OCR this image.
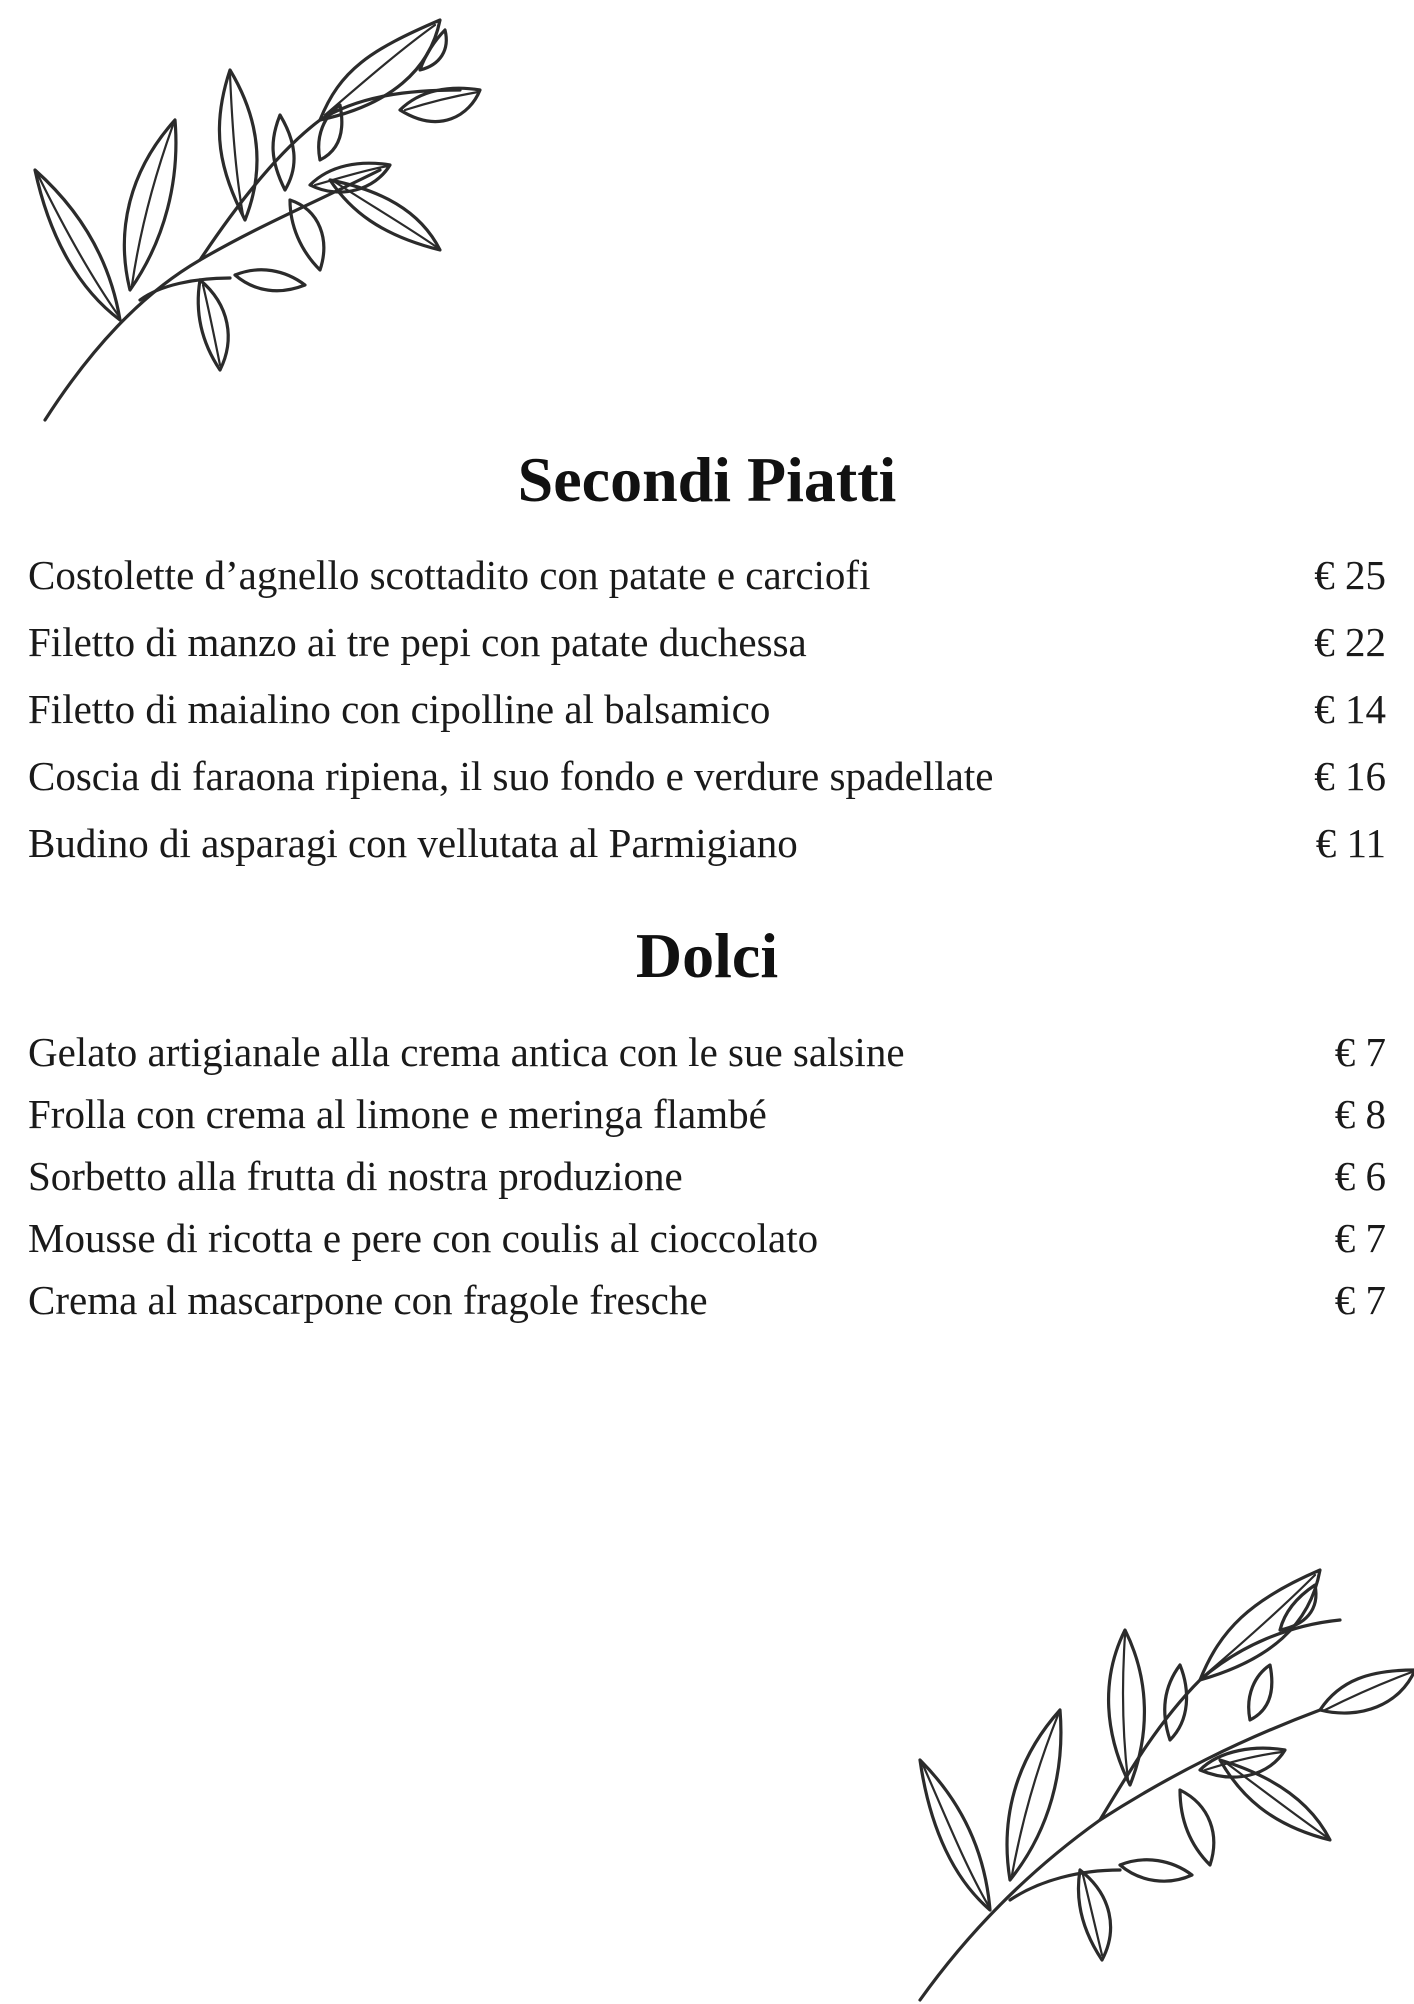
Secondi Piatti
Costolette d’agnello scottadito con patate e carciofi	€ 25
Filetto di manzo ai tre pepi con patate duchessa	€ 22
Filetto di maialino con cipolline al balsamico	€ 14
Coscia di faraona ripiena, il suo fondo e verdure spadellate	€ 16
Budino di asparagi con vellutata al Parmigiano	€ 11
Dolci
Gelato artigianale alla crema antica con le sue salsine	€ 7
Frolla con crema al limone e meringa flambé	€ 8
Sorbetto alla frutta di nostra produzione	€ 6
Mousse di ricotta e pere con coulis al cioccolato	€ 7
Crema al mascarpone con fragole fresche	€ 7
